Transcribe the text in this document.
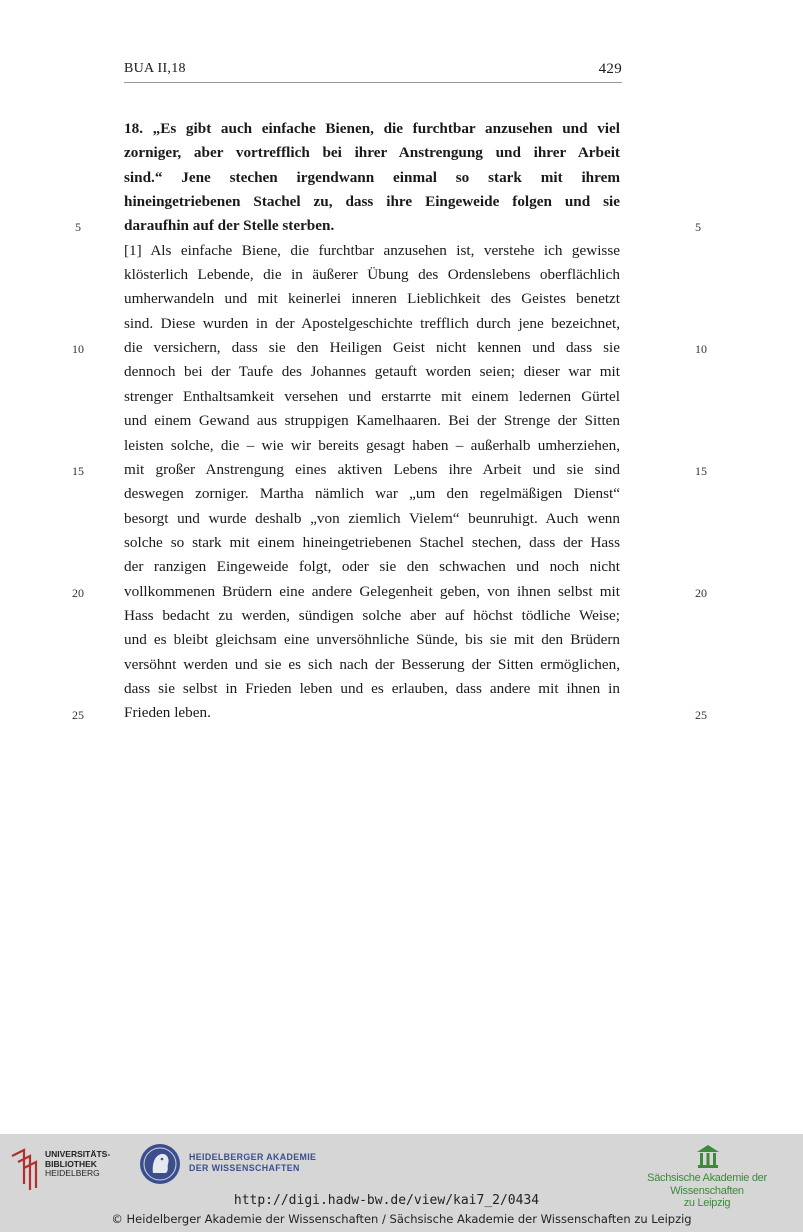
BUA II,18	429
18. „Es gibt auch einfache Bienen, die furchtbar anzusehen und viel
zorniger, aber vortrefflich bei ihrer Anstrengung und ihrer Arbeit
sind.“ Jene stechen irgendwann einmal so stark mit ihrem
hineingetriebenen Stachel zu, dass ihre Eingeweide folgen und sie
daraufhin auf der Stelle sterben.
[1] Als einfache Biene, die furchtbar anzusehen ist, verstehe ich gewisse
klösterlich Lebende, die in äußerer Übung des Ordenslebens oberflächlich
umherwandeln und mit keinerlei inneren Lieblichkeit des Geistes benetzt
sind. Diese wurden in der Apostelgeschichte trefflich durch jene bezeichnet,
die versichern, dass sie den Heiligen Geist nicht kennen und dass sie
dennoch bei der Taufe des Johannes getauft worden seien; dieser war mit
strenger Enthaltsamkeit versehen und erstarrte mit einem ledernen Gürtel
und einem Gewand aus struppigen Kamelhaaren. Bei der Strenge der Sitten
leisten solche, die – wie wir bereits gesagt haben – außerhalb umherziehen,
mit großer Anstrengung eines aktiven Lebens ihre Arbeit und sie sind
deswegen zorniger. Martha nämlich war „um den regelmäßigen Dienst“
besorgt und wurde deshalb „von ziemlich Vielem“ beunruhigt. Auch wenn
solche so stark mit einem hineingetriebenen Stachel stechen, dass der Hass
der ranzigen Eingeweide folgt, oder sie den schwachen und noch nicht
vollkommenen Brüdern eine andere Gelegenheit geben, von ihnen selbst mit
Hass bedacht zu werden, sündigen solche aber auf höchst tödliche Weise;
und es bleibt gleichsam eine unversöhnliche Sünde, bis sie mit den Brüdern
versöhnt werden und sie es sich nach der Besserung der Sitten ermöglichen,
dass sie selbst in Frieden leben und es erlauben, dass andere mit ihnen in
Frieden leben.
5
10
15
20
25
5
10
15
20
25
UNIVERSITÄTS-
BIBLIOTHEK
HEIDELBERG
HEIDELBERGER AKADEMIE
DER WISSENSCHAFTEN
Sächsische Akademie der Wissenschaften
zu Leipzig
http://digi.hadw-bw.de/view/kai7_2/0434
© Heidelberger Akademie der Wissenschaften / Sächsische Akademie der Wissenschaften zu Leipzig
